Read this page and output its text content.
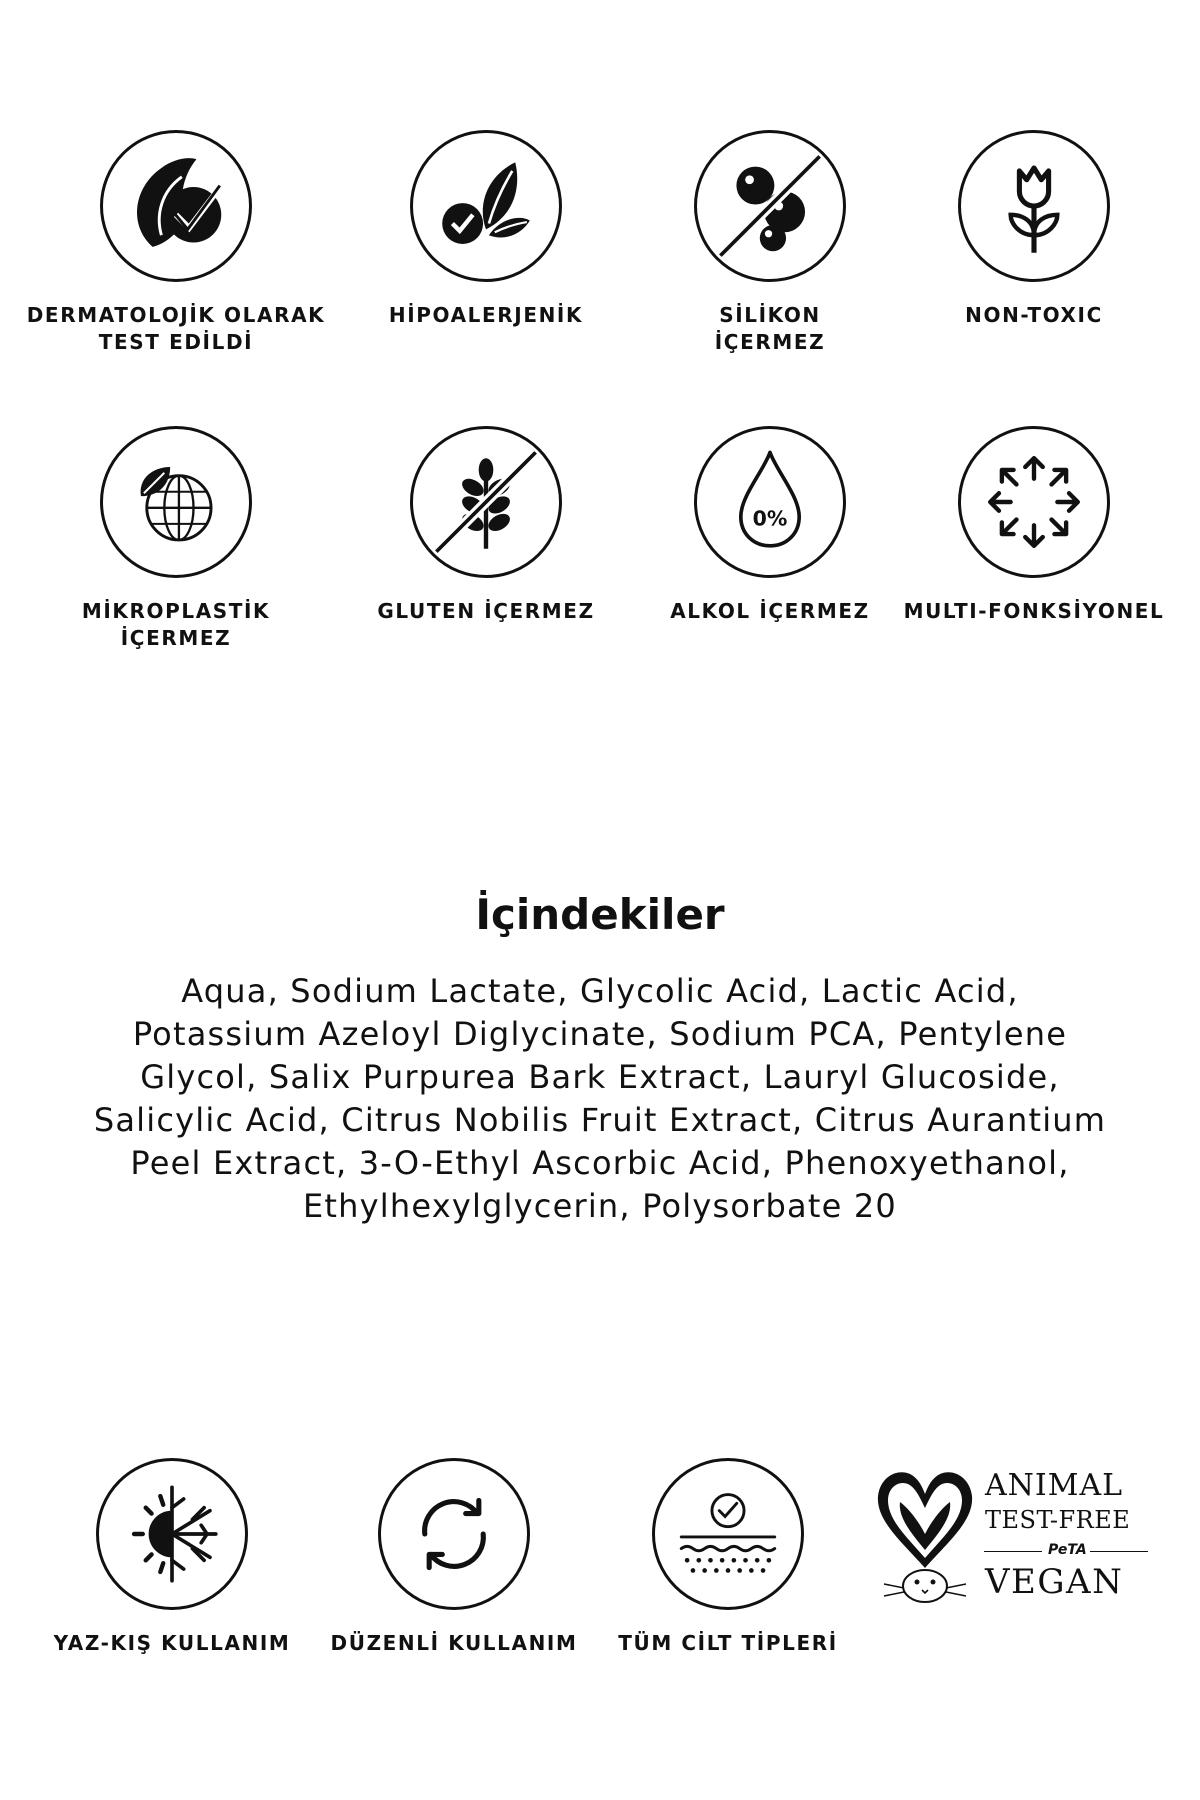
DERMATOLOJİK OLARAK
TEST EDİLDİ
HİPOALERJENİK	SİLİKON
İÇERMEZ
NON-TOXIC
MİKROPLASTİK
İÇERMEZ
GLUTEN İÇERMEZ
0%
ALKOL İÇERMEZ	MULTI-FONKSİYONEL
İçindekiler
Aqua, Sodium Lactate, Glycolic Acid, Lactic Acid,
Potassium Azeloyl Diglycinate, Sodium PCA, Pentylene
Glycol, Salix Purpurea Bark Extract, Lauryl Glucoside,
Salicylic Acid, Citrus Nobilis Fruit Extract, Citrus Aurantium
Peel Extract, 3-O-Ethyl Ascorbic Acid, Phenoxyethanol,
Ethylhexylglycerin, Polysorbate 20
YAZ-KIŞ KULLANIM	DÜZENLİ KULLANIM	TÜM CİLT TİPLERİ
ANIMAL
TEST-FREE
PeTA
VEGAN
